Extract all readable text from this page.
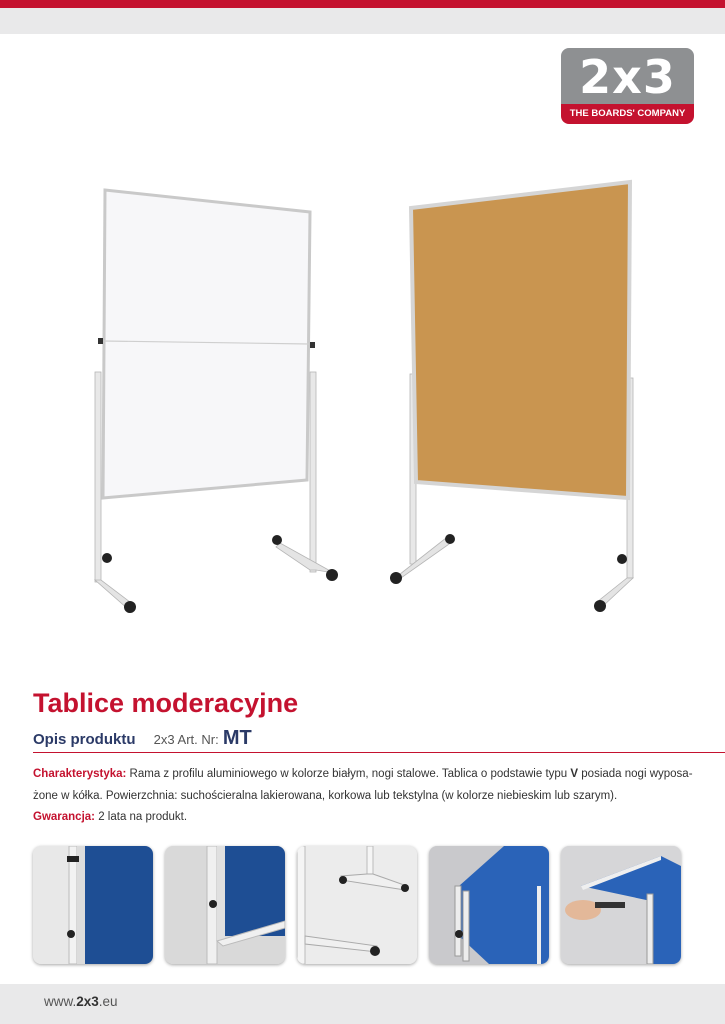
2x3
THE BOARDS' COMPANY
Tablice moderacyjne
Opis produktu 2x3 Art. Nr: MT
Charakterystyka: Rama z profilu aluminiowego w kolorze białym, nogi stalowe. Tablica o podstawie typu V posiada nogi wyposa-
żone w kółka. Powierzchnia: suchościeralna lakierowana, korkowa lub tekstylna (w kolorze niebieskim lub szarym).
Gwarancja: 2 lata na produkt.
www.2x3.eu
